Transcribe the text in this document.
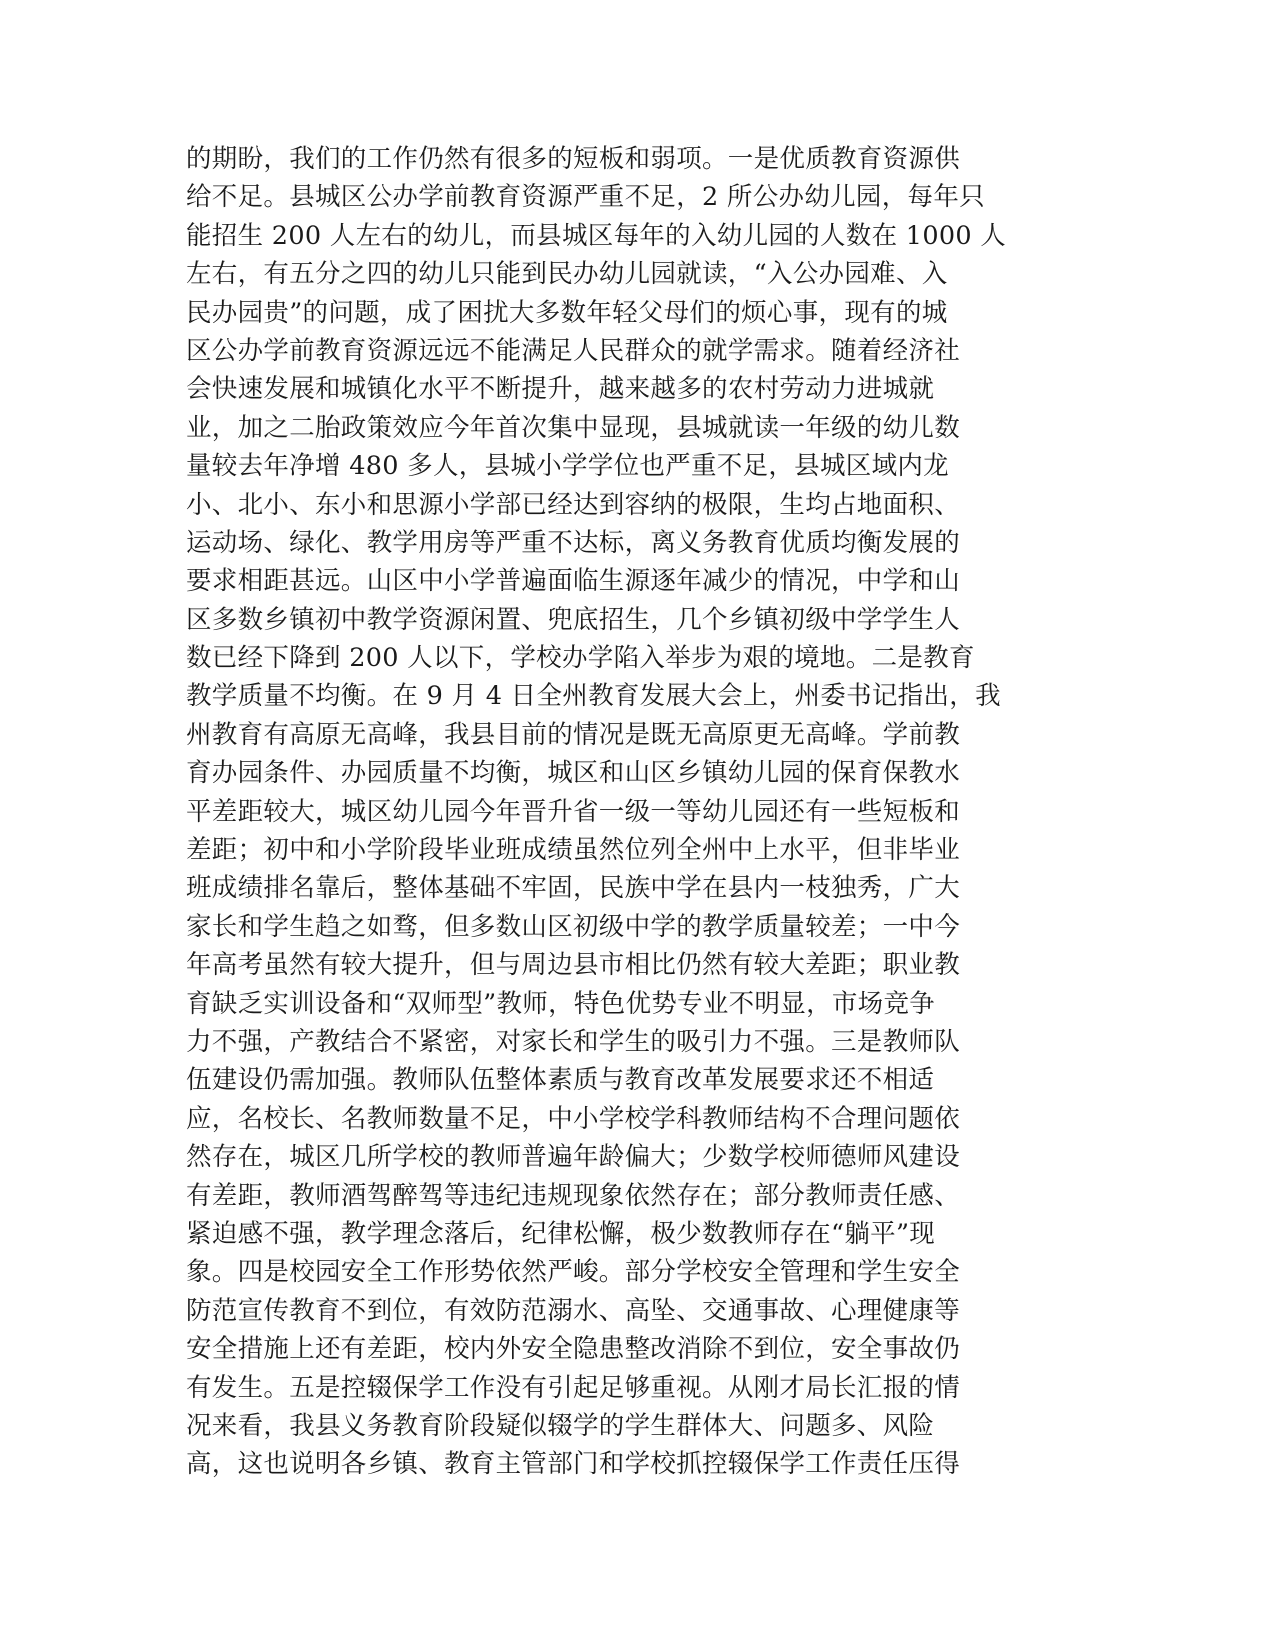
的期盼，我们的工作仍然有很多的短板和弱项。一是优质教育资源供
给不足。县城区公办学前教育资源严重不足，2 所公办幼儿园，每年只
能招生 200 人左右的幼儿，而县城区每年的入幼儿园的人数在 1000 人
左右，有五分之四的幼儿只能到民办幼儿园就读，“入公办园难、入
民办园贵”的问题，成了困扰大多数年轻父母们的烦心事，现有的城
区公办学前教育资源远远不能满足人民群众的就学需求。随着经济社
会快速发展和城镇化水平不断提升，越来越多的农村劳动力进城就
业，加之二胎政策效应今年首次集中显现，县城就读一年级的幼儿数
量较去年净增 480 多人，县城小学学位也严重不足，县城区域内龙
小、北小、东小和思源小学部已经达到容纳的极限，生均占地面积、
运动场、绿化、教学用房等严重不达标，离义务教育优质均衡发展的
要求相距甚远。山区中小学普遍面临生源逐年减少的情况，中学和山
区多数乡镇初中教学资源闲置、兜底招生，几个乡镇初级中学学生人
数已经下降到 200 人以下，学校办学陷入举步为艰的境地。二是教育
教学质量不均衡。在 9 月 4 日全州教育发展大会上，州委书记指出，我
州教育有高原无高峰，我县目前的情况是既无高原更无高峰。学前教
育办园条件、办园质量不均衡，城区和山区乡镇幼儿园的保育保教水
平差距较大，城区幼儿园今年晋升省一级一等幼儿园还有一些短板和
差距；初中和小学阶段毕业班成绩虽然位列全州中上水平，但非毕业
班成绩排名靠后，整体基础不牢固，民族中学在县内一枝独秀，广大
家长和学生趋之如骛，但多数山区初级中学的教学质量较差；一中今
年高考虽然有较大提升，但与周边县市相比仍然有较大差距；职业教
育缺乏实训设备和“双师型”教师，特色优势专业不明显，市场竞争
力不强，产教结合不紧密，对家长和学生的吸引力不强。三是教师队
伍建设仍需加强。教师队伍整体素质与教育改革发展要求还不相适
应，名校长、名教师数量不足，中小学校学科教师结构不合理问题依
然存在，城区几所学校的教师普遍年龄偏大；少数学校师德师风建设
有差距，教师酒驾醉驾等违纪违规现象依然存在；部分教师责任感、
紧迫感不强，教学理念落后，纪律松懈，极少数教师存在“躺平”现
象。四是校园安全工作形势依然严峻。部分学校安全管理和学生安全
防范宣传教育不到位，有效防范溺水、高坠、交通事故、心理健康等
安全措施上还有差距，校内外安全隐患整改消除不到位，安全事故仍
有发生。五是控辍保学工作没有引起足够重视。从刚才局长汇报的情
况来看，我县义务教育阶段疑似辍学的学生群体大、问题多、风险
高，这也说明各乡镇、教育主管部门和学校抓控辍保学工作责任压得
